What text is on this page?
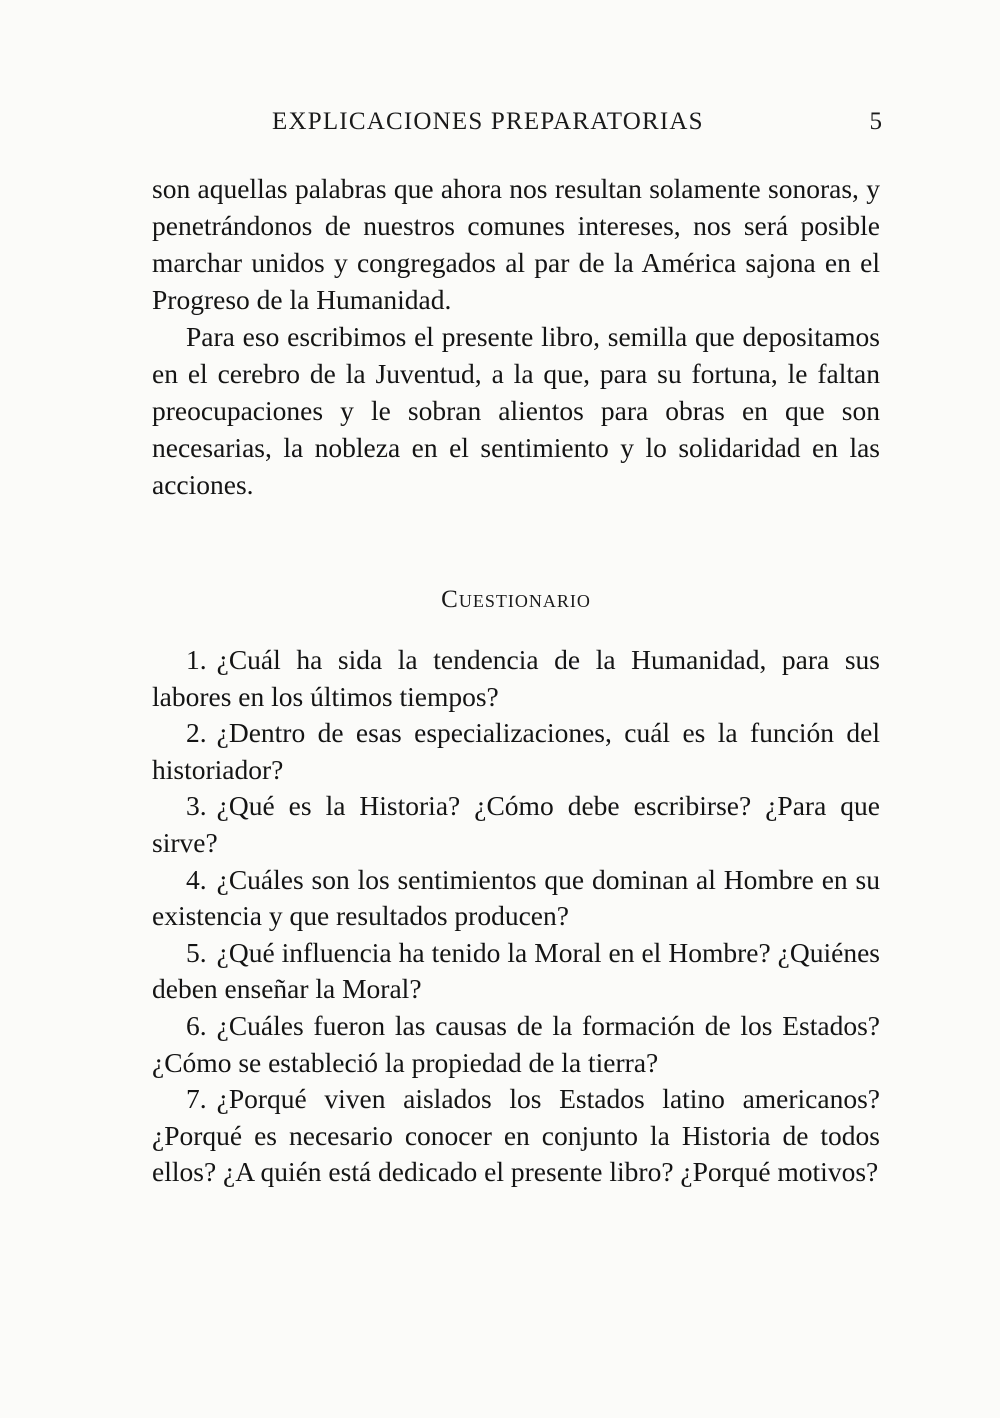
EXPLICACIONES PREPARATORIAS	5

son aquellas palabras que ahora nos resultan solamente sonoras, y penetrándonos de nuestros comunes intereses, nos será posible marchar unidos y congregados al par de la América sajona en el Progreso de la Humanidad.

Para eso escribimos el presente libro, semilla que depositamos en el cerebro de la Juventud, a la que, para su fortuna, le faltan preocupaciones y le sobran alientos para obras en que son necesarias, la nobleza en el sentimiento y lo solidaridad en las acciones.

Cuestionario

1. ¿Cuál ha sida la tendencia de la Humanidad, para sus labores en los últimos tiempos?

2. ¿Dentro de esas especializaciones, cuál es la función del historiador?

3. ¿Qué es la Historia? ¿Cómo debe escribirse? ¿Para que sirve?

4. ¿Cuáles son los sentimientos que dominan al Hombre en su existencia y que resultados producen?

5. ¿Qué influencia ha tenido la Moral en el Hombre? ¿Quiénes deben enseñar la Moral?

6. ¿Cuáles fueron las causas de la formación de los Estados? ¿Cómo se estableció la propiedad de la tierra?

7. ¿Porqué viven aislados los Estados latino americanos? ¿Porqué es necesario conocer en conjunto la Historia de todos ellos? ¿A quién está dedicado el presente libro? ¿Porqué motivos?
